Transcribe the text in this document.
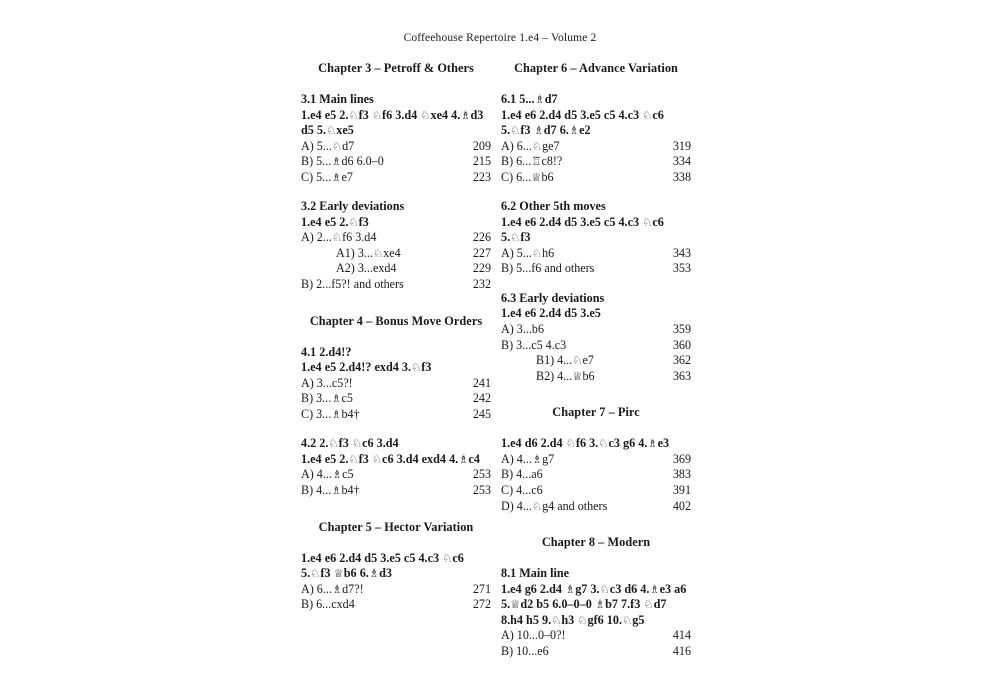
Coffeehouse Repertoire 1.e4 – Volume 2
Chapter 3 – Petroff & Others
3.1 Main lines
1.e4 e5 2.♘f3 ♘f6 3.d4 ♘xe4 4.♗d3 d5 5.♘xe5
A) 5...♘d7	209
B) 5...♗d6 6.0–0	215
C) 5...♗e7	223
3.2 Early deviations
1.e4 e5 2.♘f3
A) 2...♘f6 3.d4	226
A1) 3...♘xe4	227
A2) 3...exd4	229
B) 2...f5?! and others	232
Chapter 4 – Bonus Move Orders
4.1 2.d4!?
1.e4 e5 2.d4!? exd4 3.♘f3
A) 3...c5?!	241
B) 3...♗c5	242
C) 3...♗b4†	245
4.2 2.♘f3 ♘c6 3.d4
1.e4 e5 2.♘f3 ♘c6 3.d4 exd4 4.♗c4
A) 4...♗c5	253
B) 4...♗b4†	253
Chapter 5 – Hector Variation
1.e4 e6 2.d4 d5 3.e5 c5 4.c3 ♘c6 5.♘f3 ♕b6 6.♗d3
A) 6...♗d7?!	271
B) 6...cxd4	272
Chapter 6 – Advance Variation
6.1 5...♗d7
1.e4 e6 2.d4 d5 3.e5 c5 4.c3 ♘c6 5.♘f3 ♗d7 6.♗e2
A) 6...♘ge7	319
B) 6...♖c8!?	334
C) 6...♕b6	338
6.2 Other 5th moves
1.e4 e6 2.d4 d5 3.e5 c5 4.c3 ♘c6 5.♘f3
A) 5...♘h6	343
B) 5...f6 and others	353
6.3 Early deviations
1.e4 e6 2.d4 d5 3.e5
A) 3...b6	359
B) 3...c5 4.c3	360
B1) 4...♘e7	362
B2) 4...♕b6	363
Chapter 7 – Pirc
1.e4 d6 2.d4 ♘f6 3.♘c3 g6 4.♗e3
A) 4...♗g7	369
B) 4...a6	383
C) 4...c6	391
D) 4...♘g4 and others	402
Chapter 8 – Modern
8.1 Main line
1.e4 g6 2.d4 ♗g7 3.♘c3 d6 4.♗e3 a6 5.♕d2 b5 6.0–0–0 ♗b7 7.f3 ♘d7 8.h4 h5 9.♘h3 ♘gf6 10.♘g5
A) 10...0–0?!	414
B) 10...e6	416
